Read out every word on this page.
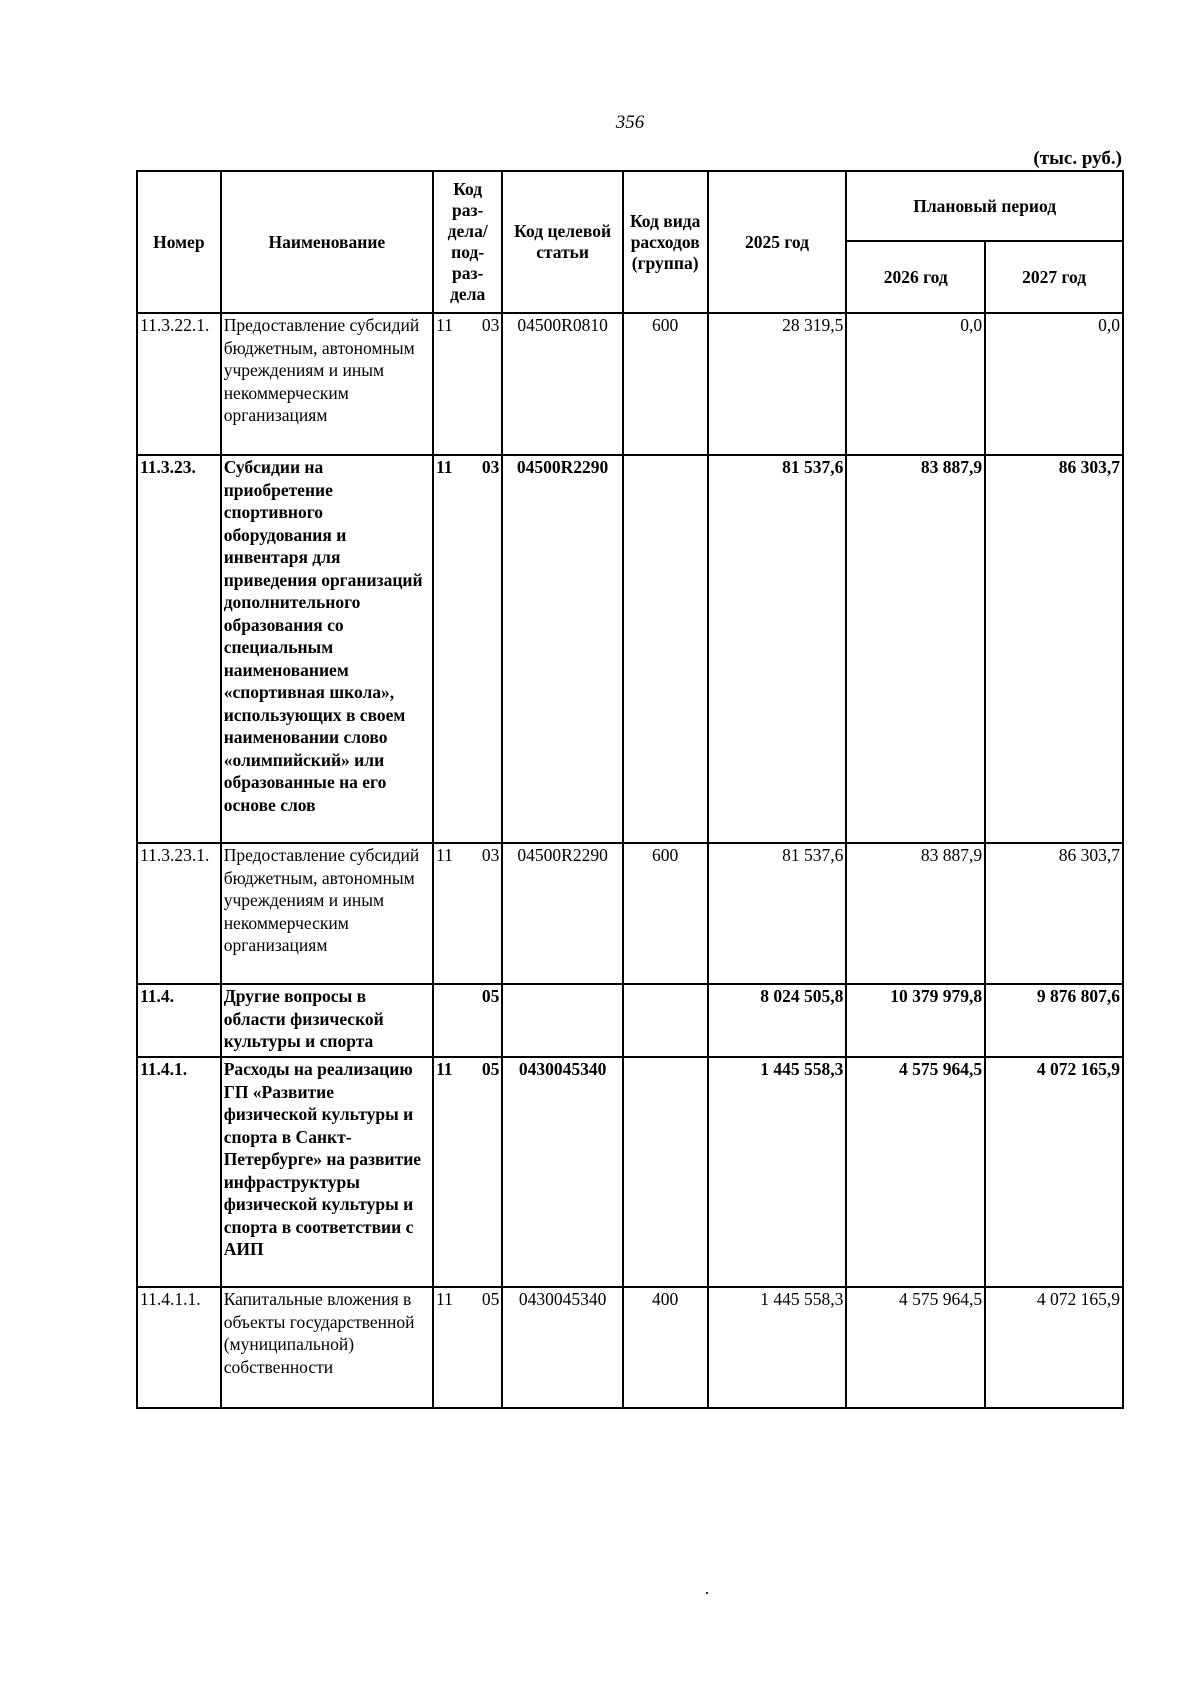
356
(тыс. руб.)
Номер	Наименование	Код раз-дела/ под-раз-дела	Код целевой статьи	Код вида расходов (группа)	2025 год	Плановый период	
						2026 год	2027 год
11.3.22.1.	Предоставление субсидий бюджетным, автономным учреждениям и иным некоммерческим организациям	11 03	04500R0810	600	28 319,5	0,0	0,0
11.3.23.	Субсидии на приобретение спортивного оборудования и инвентаря для приведения организаций дополнительного образования со специальным наименованием «спортивная школа», использующих в своем наименовании слово «олимпийский» или образованные на его основе слов	11 03	04500R2290		81 537,6	83 887,9	86 303,7
11.3.23.1.	Предоставление субсидий бюджетным, автономным учреждениям и иным некоммерческим организациям	11 03	04500R2290	600	81 537,6	83 887,9	86 303,7
11.4.	Другие вопросы в области физической культуры и спорта	05			8 024 505,8	10 379 979,8	9 876 807,6
11.4.1.	Расходы на реализацию ГП «Развитие физической культуры и спорта в Санкт-Петербурге» на развитие инфраструктуры физической культуры и спорта в соответствии с АИП	11 05	0430045340		1 445 558,3	4 575 964,5	4 072 165,9
11.4.1.1.	Капитальные вложения в объекты государственной (муниципальной) собственности	11 05	0430045340	400	1 445 558,3	4 575 964,5	4 072 165,9
